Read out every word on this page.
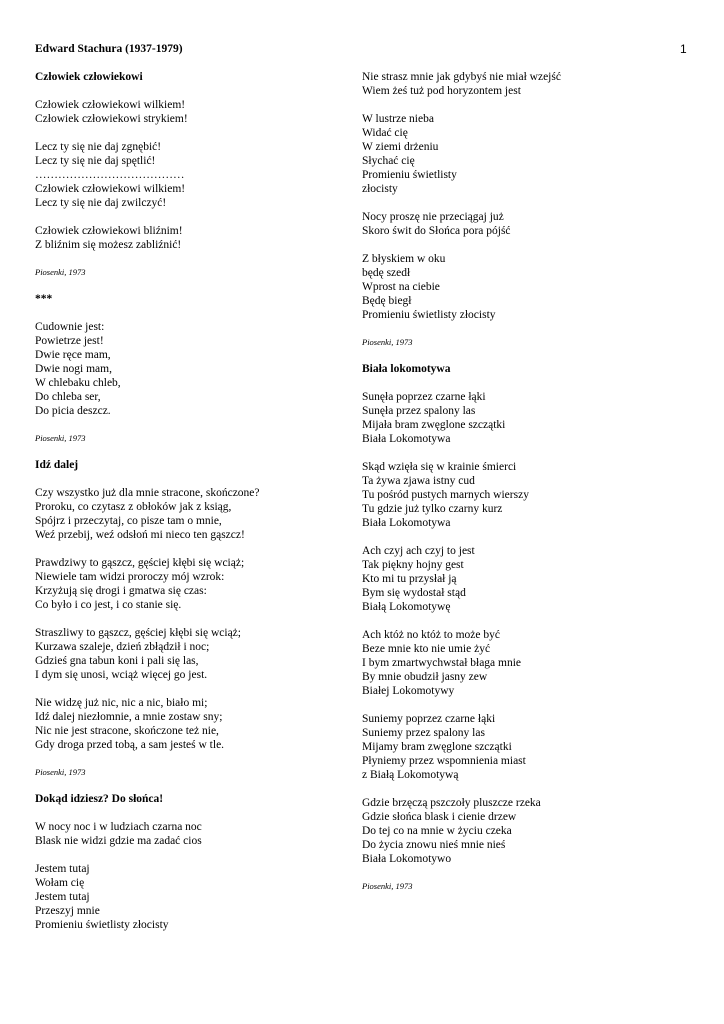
1
Edward Stachura (1937-1979)
Człowiek człowiekowi
Człowiek człowiekowi wilkiem!
Człowiek człowiekowi strykiem!
Lecz ty się nie daj zgnębić!
Lecz ty się nie daj spętlić!
…………………………………
Człowiek człowiekowi wilkiem!
Lecz ty się nie daj zwilczyć!
Człowiek człowiekowi bliźnim!
Z bliźnim się możesz zabliźnić!
Piosenki, 1973
***
Cudownie jest:
Powietrze jest!
Dwie ręce mam,
Dwie nogi mam,
W chlebaku chleb,
Do chleba ser,
Do picia deszcz.
Piosenki, 1973
Idź dalej
Czy wszystko już dla mnie stracone, skończone?
Proroku, co czytasz z obłoków jak z ksiąg,
Spójrz i przeczytaj, co pisze tam o mnie,
Weź przebij, weź odsłoń mi nieco ten gąszcz!
Prawdziwy to gąszcz, gęściej kłębi się wciąż;
Niewiele tam widzi proroczy mój wzrok:
Krzyżują się drogi i gmatwa się czas:
Co było i co jest, i co stanie się.
Straszliwy to gąszcz, gęściej kłębi się wciąż;
Kurzawa szaleje, dzień zbłądził i noc;
Gdzieś gna tabun koni i pali się las,
I dym się unosi, wciąż więcej go jest.
Nie widzę już nic, nic a nic, biało mi;
Idź dalej niezłomnie, a mnie zostaw sny;
Nic nie jest stracone, skończone też nie,
Gdy droga przed tobą, a sam jesteś w tle.
Piosenki, 1973
Dokąd idziesz? Do słońca!
W nocy noc i w ludziach czarna noc
Blask nie widzi gdzie ma zadać cios
Jestem tutaj
Wołam cię
Jestem tutaj
Przeszyj mnie
Promieniu świetlisty złocisty
Nie strasz mnie jak gdybyś nie miał wzejść
Wiem żeś tuż pod horyzontem jest
W lustrze nieba
Widać cię
W ziemi drżeniu
Słychać cię
Promieniu świetlisty
złocisty
Nocy proszę nie przeciągaj już
Skoro świt do Słońca pora pójść
Z błyskiem w oku
będę szedł
Wprost na ciebie
Będę biegł
Promieniu świetlisty złocisty
Piosenki, 1973
Biała lokomotywa
Sunęła poprzez czarne łąki
Sunęła przez spalony las
Mijała bram zwęglone szczątki
Biała Lokomotywa
Skąd wzięła się w krainie śmierci
Ta żywa zjawa istny cud
Tu pośród pustych marnych wierszy
Tu gdzie już tylko czarny kurz
Biała Lokomotywa
Ach czyj ach czyj to jest
Tak piękny hojny gest
Kto mi tu przysłał ją
Bym się wydostał stąd
Białą Lokomotywę
Ach któż no któż to może być
Beze mnie kto nie umie żyć
I bym zmartwychwstał błaga mnie
By mnie obudził jasny zew
Białej Lokomotywy
Suniemy poprzez czarne łąki
Suniemy przez spalony las
Mijamy bram zwęglone szczątki
Płyniemy przez wspomnienia miast
z Białą Lokomotywą
Gdzie brzęczą pszczoły pluszcze rzeka
Gdzie słońca blask i cienie drzew
Do tej co na mnie w życiu czeka
Do życia znowu nieś mnie nieś
Biała Lokomotywo
Piosenki, 1973
